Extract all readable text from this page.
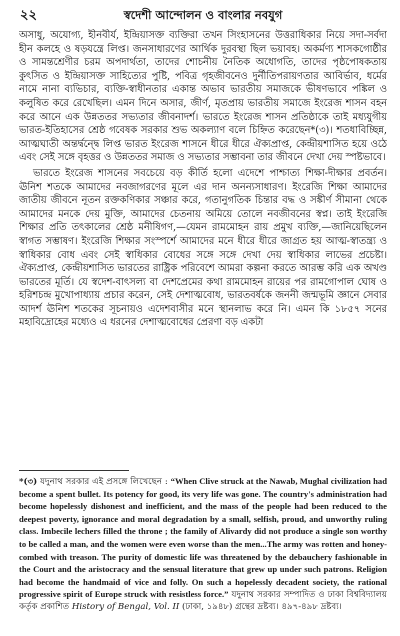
২২	স্বদেশী আন্দোলন ও বাংলার নবযুগ

অসাধু, অযোগ্য, হীনবীর্য, ইন্দ্রিয়াসক্ত ব্যক্তিরা তখন সিংহাসনের উত্তরাধিকার নিয়ে সদা-সর্বদা হীন কলহে ও ষড়যন্ত্রে লিপ্ত। জনসাধারণের আর্থিক দুরবস্থা ছিল ভয়াবহ। অকর্মণ্য শাসকগোষ্ঠীর ও সামন্তশ্রেণীর চরম অপদার্থতা, তাদের শোচনীয় নৈতিক অধোগতি, তাদের পৃষ্ঠপোষকতায় কুৎসিত ও ইন্দ্রিয়াসক্ত সাহিত্যের পুষ্টি, পবিত্র গৃহজীবনেও দুর্নীতিপরায়ণতার আবির্ভাব, ধর্মের নামে নানা ব্যভিচার, ব্যক্তি-স্বাধীনতার একান্ত অভাব ভারতীয় সমাজকে ভীষণভাবে পঙ্কিল ও কলুষিত করে রেখেছিল। এমন দিনে অসার, জীর্ণ, মৃতপ্রায় ভারতীয় সমাজে ইংরেজ শাসন বহন করে আনে এক উন্নততর সভ্যতার জীবনাদর্শ। ভারতে ইংরেজ শাসন প্রতিষ্ঠাকে তাই মধ্যযুগীয় ভারত-ইতিহাসের শ্রেষ্ঠ গবেষক সরকার শুভ অকল্যাণ বলে চিহ্নিত করেছেন*(৩)। শতধাবিচ্ছিন্ন, আত্মঘাতী অন্তর্দ্বন্দ্বে লিপ্ত ভারত ইংরেজ শাসনে ধীরে ধীরে ঐক্যপ্রাপ্ত, কেন্দ্রীয়শাসিত হয়ে ওঠে এবং সেই সঙ্গে বৃহত্তর ও উন্নততর সমাজ ও সভ্যতার সম্ভাবনা তার জীবনে দেখা দেয় স্পষ্টভাবে।

ভারতে ইংরেজ শাসনের সবচেয়ে বড় কীর্তি হলো এদেশে পাশ্চাত্য শিক্ষা-দীক্ষার প্রবর্তন। ঊনিশ শতকে আমাদের নবজাগরণের মূলে এর দান অনন্যসাধারণ। ইংরেজি শিক্ষা আমাদের জাতীয় জীবনে নূতন রক্তকণিকার সঞ্চার করে, গতানুগতিক চিন্তার বদ্ধ ও সঙ্কীর্ণ সীমানা থেকে আমাদের মনকে দেয় মুক্তি, আমাদের চেতনায় অমিয়ে তোলে নবজীবনের স্বপ্ন। তাই ইংরেজি শিক্ষার প্রতি তৎকালের শ্রেষ্ঠ মনীষিগণ,—যেমন রামমোহন রায় প্রমুখ ব্যক্তি,—জানিয়েছিলেন স্বাগত সম্ভাষণ। ইংরেজি শিক্ষার সংস্পর্শে আমাদের মনে ধীরে ধীরে জাগ্রত হয় আত্ম-স্বাতন্ত্র্য ও স্বাধিকার বোধ এবং সেই স্বাধিকার বোধের সঙ্গে সঙ্গে দেখা দেয় স্বাধিকার লাভের প্রচেষ্টা। ঐক্যপ্রাপ্ত, কেন্দ্রীয়শাসিত ভারতের রাষ্ট্রিক পরিবেশে আমরা কল্পনা করতে আরম্ভ করি এক অখণ্ড ভারতের মূর্তি। যে স্বদেশ-বাৎসল্য বা দেশপ্রেমের কথা রামমোহন রায়ের পর রামগোপাল ঘোষ ও হরিশচন্দ্র মুখোপাধ্যায় প্রচার করেন, সেই দেশাত্মবোধ, ভারতবর্ষকে জননী জন্মভূমি জ্ঞানে সেবার আদর্শ ঊনিশ শতকের সূচনায়ও এদেশবাসীর মনে স্থানলাভ করে নি। এমন কি ১৮৫৭ সনের মহাবিদ্রোহের মধ্যেও এ ধরনের দেশাত্মবোধের প্রেরণা বড় একটা

*(৩) যদুনাথ সরকার এই প্রসঙ্গে লিখেছেন : “When Clive struck at the Nawab, Mughal civilization had become a spent bullet. Its potency for good, its very life was gone. The country's administration had become hopelessly dishonest and inefficient, and the mass of the people had been reduced to the deepest poverty, ignorance and moral degradation by a small, selfish, proud, and unworthy ruling class. Imbecile lechers filled the throne ; the family of Alivardy did not produce a single son worthy to be called a man, and the women were even worse than the men...The army was rotten and honey-combed with treason. The purity of domestic life was threatened by the debauchery fashionable in the Court and the aristocracy and the sensual literature that grew up under such patrons. Religion had become the handmaid of vice and folly. On such a hopelessly decadent society, the rational progressive spirit of Europe struck with resistless force.” যদুনাথ সরকার সম্পাদিত ও ঢাকা বিশ্ববিদ্যালয় কর্তৃক প্রকাশিত History of Bengal, Vol. II (ঢাকা, ১৯৪৮) গ্রন্থের দ্রষ্টব্য। ৪৯৭-৪৯৮ দ্রষ্টব্য।
